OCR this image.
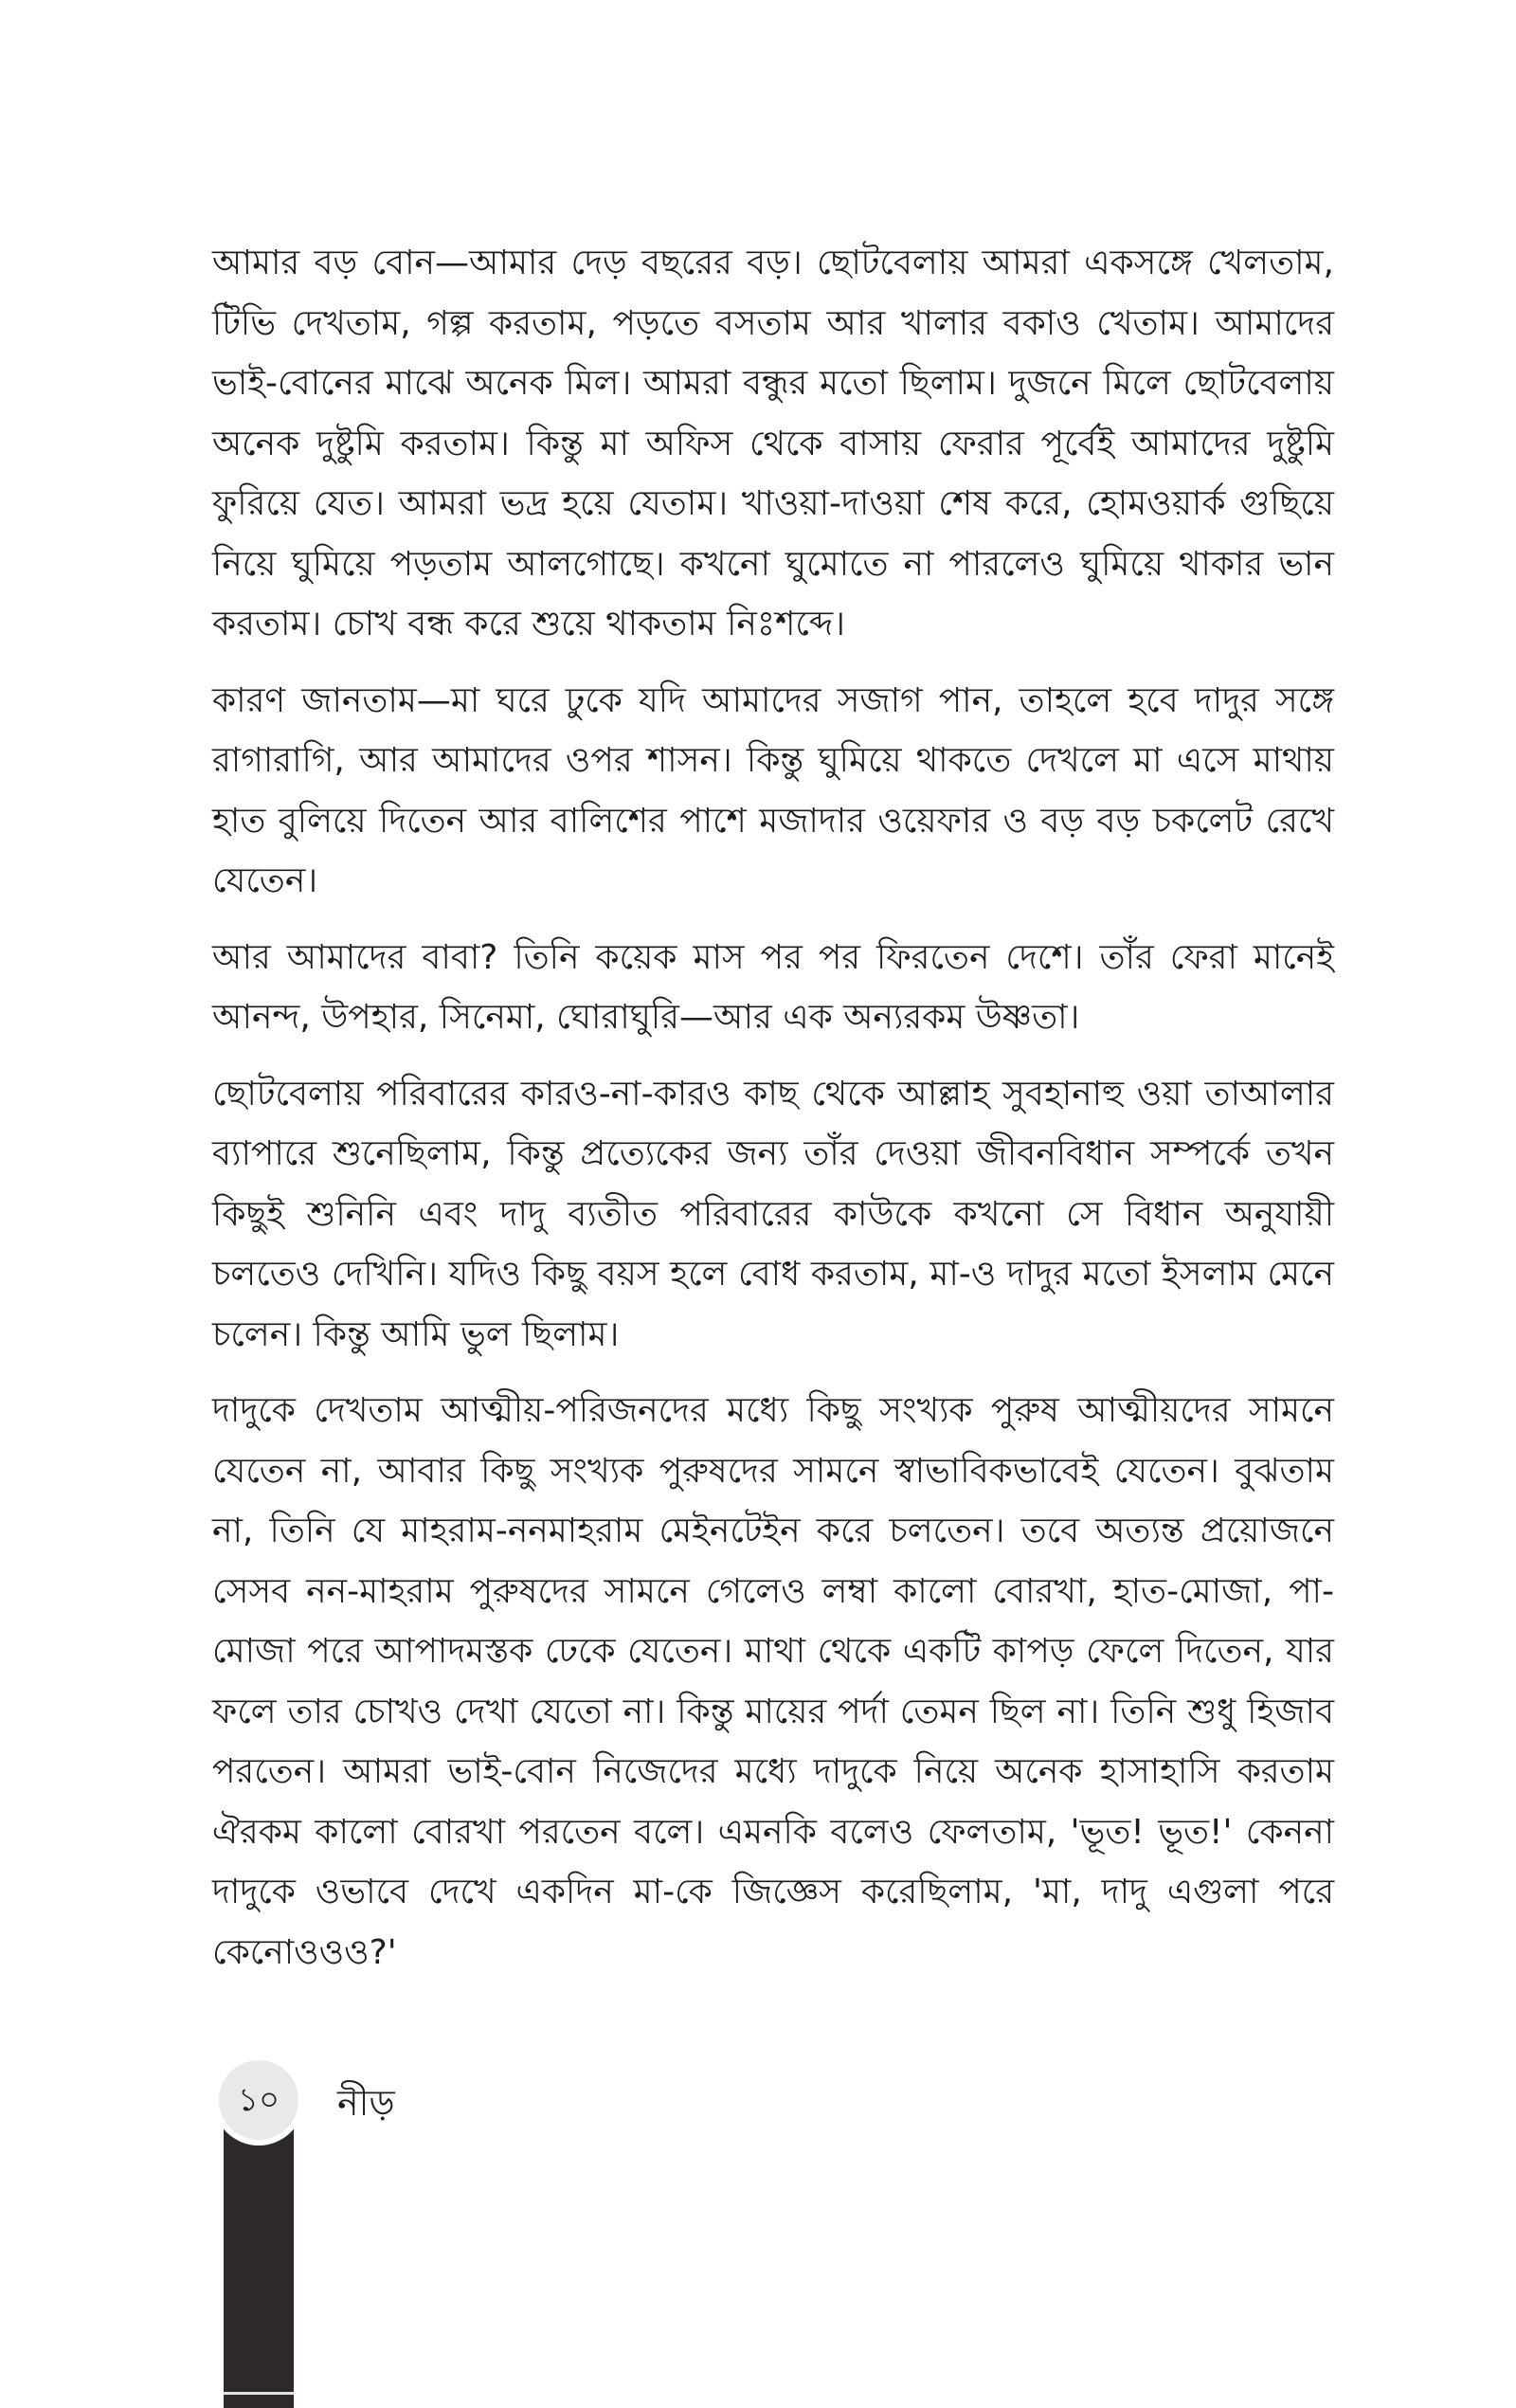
আমার বড় বোন—আমার দেড় বছরের বড়। ছোটবেলায় আমরা একসঙ্গে খেলতাম, টিভি দেখতাম, গল্প করতাম, পড়তে বসতাম আর খালার বকাও খেতাম। আমাদের ভাই-বোনের মাঝে অনেক মিল। আমরা বন্ধুর মতো ছিলাম। দুজনে মিলে ছোটবেলায় অনেক দুষ্টুমি করতাম। কিন্তু মা অফিস থেকে বাসায় ফেরার পূর্বেই আমাদের দুষ্টুমি ফুরিয়ে যেত। আমরা ভদ্র হয়ে যেতাম। খাওয়া-দাওয়া শেষ করে, হোমওয়ার্ক গুছিয়ে নিয়ে ঘুমিয়ে পড়তাম আলগোছে। কখনো ঘুমোতে না পারলেও ঘুমিয়ে থাকার ভান করতাম। চোখ বন্ধ করে শুয়ে থাকতাম নিঃশব্দে।

কারণ জানতাম—মা ঘরে ঢুকে যদি আমাদের সজাগ পান, তাহলে হবে দাদুর সঙ্গে রাগারাগি, আর আমাদের ওপর শাসন। কিন্তু ঘুমিয়ে থাকতে দেখলে মা এসে মাথায় হাত বুলিয়ে দিতেন আর বালিশের পাশে মজাদার ওয়েফার ও বড় বড় চকলেট রেখে যেতেন।

আর আমাদের বাবা? তিনি কয়েক মাস পর পর ফিরতেন দেশে। তাঁর ফেরা মানেই আনন্দ, উপহার, সিনেমা, ঘোরাঘুরি—আর এক অন্যরকম উষ্ণতা।

ছোটবেলায় পরিবারের কারও-না-কারও কাছ থেকে আল্লাহ সুবহানাহু ওয়া তাআলার ব্যাপারে শুনেছিলাম, কিন্তু প্রত্যেকের জন্য তাঁর দেওয়া জীবনবিধান সম্পর্কে তখন কিছুই শুনিনি এবং দাদু ব্যতীত পরিবারের কাউকে কখনো সে বিধান অনুযায়ী চলতেও দেখিনি। যদিও কিছু বয়স হলে বোধ করতাম, মা-ও দাদুর মতো ইসলাম মেনে চলেন। কিন্তু আমি ভুল ছিলাম।

দাদুকে দেখতাম আত্মীয়-পরিজনদের মধ্যে কিছু সংখ্যক পুরুষ আত্মীয়দের সামনে যেতেন না, আবার কিছু সংখ্যক পুরুষদের সামনে স্বাভাবিকভাবেই যেতেন। বুঝতাম না, তিনি যে মাহরাম-ননমাহরাম মেইনটেইন করে চলতেন। তবে অত্যন্ত প্রয়োজনে সেসব নন-মাহরাম পুরুষদের সামনে গেলেও লম্বা কালো বোরখা, হাত-মোজা, পা-মোজা পরে আপাদমস্তক ঢেকে যেতেন। মাথা থেকে একটি কাপড় ফেলে দিতেন, যার ফলে তার চোখও দেখা যেতো না। কিন্তু মায়ের পর্দা তেমন ছিল না। তিনি শুধু হিজাব পরতেন। আমরা ভাই-বোন নিজেদের মধ্যে দাদুকে নিয়ে অনেক হাসাহাসি করতাম ঐরকম কালো বোরখা পরতেন বলে। এমনকি বলেও ফেলতাম, 'ভূত! ভূত!' কেননা দাদুকে ওভাবে দেখে একদিন মা-কে জিজ্ঞেস করেছিলাম, 'মা, দাদু এগুলা পরে কেনোওওও?'

১০ নীড়
